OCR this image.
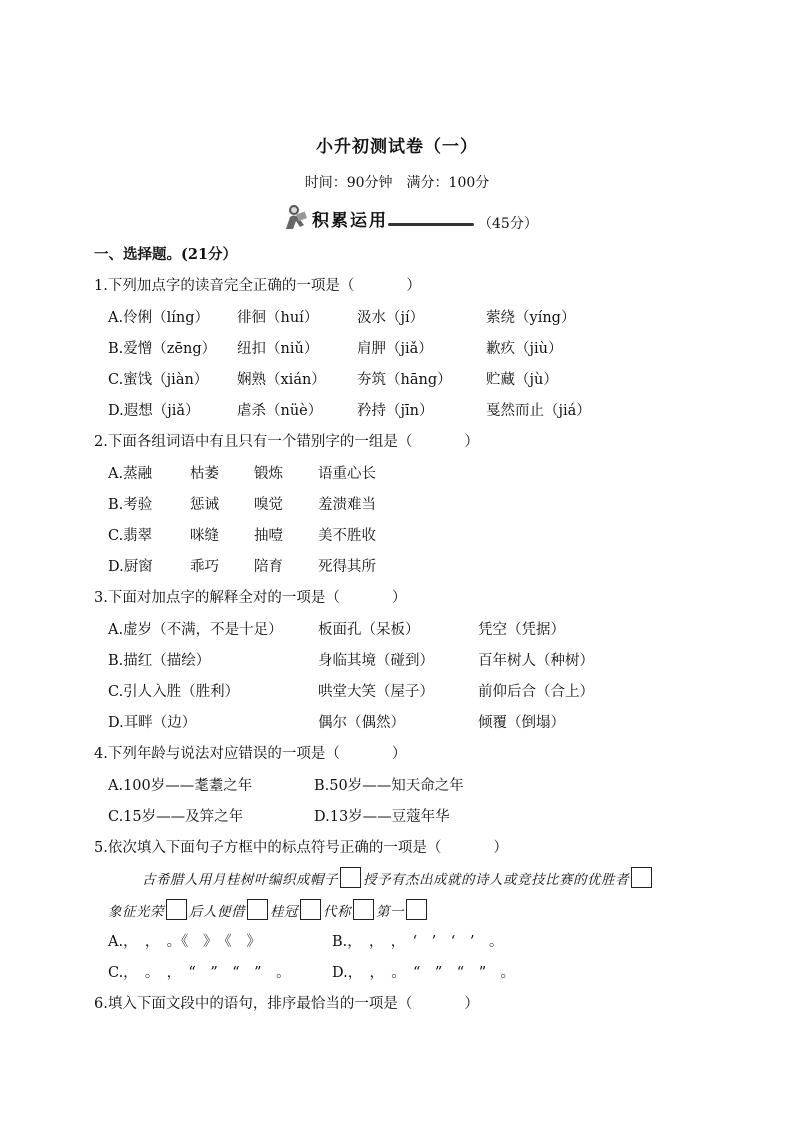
小升初测试卷（一）
时间：90分钟　满分：100分
积累运用	（45分）
一、选择题。(21分）
1.下列加点字的读音完全正确的一项是（	）
A.伶俐（líng） 徘徊（huí）	汲水（jí）	萦绕（yíng）
B.爱憎（zēng） 纽扣（niǔ）	肩胛（jiǎ）	歉疚（jiù）
C.蜜饯（jiàn） 娴熟（xián） 夯筑（hāng） 贮藏（jù）
D.遐想（jiǎ）	虐杀（nüè） 矜持（jīn）	戛然而止（jiá）
2.下面各组词语中有且只有一个错别字的一组是（	）
A.蒸融	枯萎 锻炼 语重心长
B.考验	惩诫 嗅觉 羞溃难当
C.翡翠	咪缝 抽噎 美不胜收
D.厨窗	乖巧 陪育 死得其所
3.下面对加点字的解释全对的一项是（	）
A.虚岁（不满，不是十足） 板面孔（呆板）	凭空（凭据）
B.描红（描绘）	身临其境（碰到）	百年树人（种树）
C.引人入胜（胜利）	哄堂大笑（屋子）	前仰后合（合上）
D.耳畔（边）	偶尔（偶然）	倾覆（倒塌）
4.下列年龄与说法对应错误的一项是（	）
A.100岁——耄耋之年	B.50岁——知天命之年
C.15岁——及笄之年	D.13岁——豆蔻年华
5.依次填入下面句子方框中的标点符号正确的一项是（	）
古希腊人用月桂树叶编织成帽子 授予有杰出成就的诗人或竞技比赛的优胜者
象征光荣 后人便借 桂冠 代称 第一
A.，　，　。《　》　《　》	B.，　，　，　‘　’　‘　’　。
C.，　。　，　“　”　“　”　。	D.，　，　。　“　”　“　”　。
6.填入下面文段中的语句，排序最恰当的一项是（	）
